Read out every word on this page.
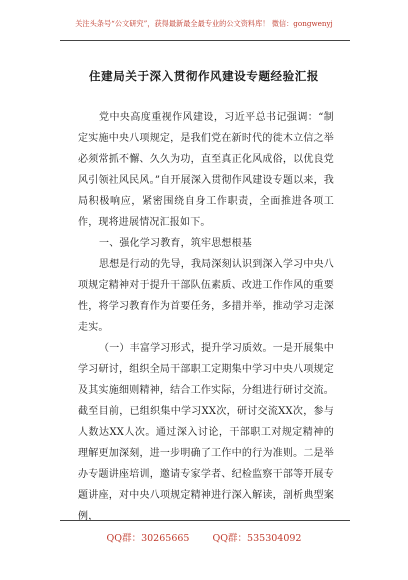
关注头条号“公文研究”，获得最新最全最专业的公文资料库！ 微信：gongwenyj
住建局关于深入贯彻作风建设专题经验汇报

党中央高度重视作风建设，习近平总书记强调：“制定实施中央八项规定，是我们党在新时代的徙木立信之举必须常抓不懈、久久为功，直至真正化风成俗，以优良党风引领社风民风。”自开展深入贯彻作风建设专题以来，我局积极响应，紧密围绕自身工作职责，全面推进各项工作，现将进展情况汇报如下。

一、强化学习教育，筑牢思想根基

思想是行动的先导，我局深刻认识到深入学习中央八项规定精神对于提升干部队伍素质、改进工作作风的重要性，将学习教育作为首要任务，多措并举，推动学习走深走实。

（一）丰富学习形式，提升学习质效。一是开展集中学习研讨，组织全局干部职工定期集中学习中央八项规定及其实施细则精神，结合工作实际，分组进行研讨交流。截至目前，已组织集中学习XX次，研讨交流XX次，参与人数达XX人次。通过深入讨论，干部职工对规定精神的理解更加深刻，进一步明确了工作中的行为准则。二是举办专题讲座培训，邀请专家学者、纪检监察干部等开展专题讲座，对中央八项规定精神进行深入解读，剖析典型案例，

QQ群：30265665 QQ群：535304092
